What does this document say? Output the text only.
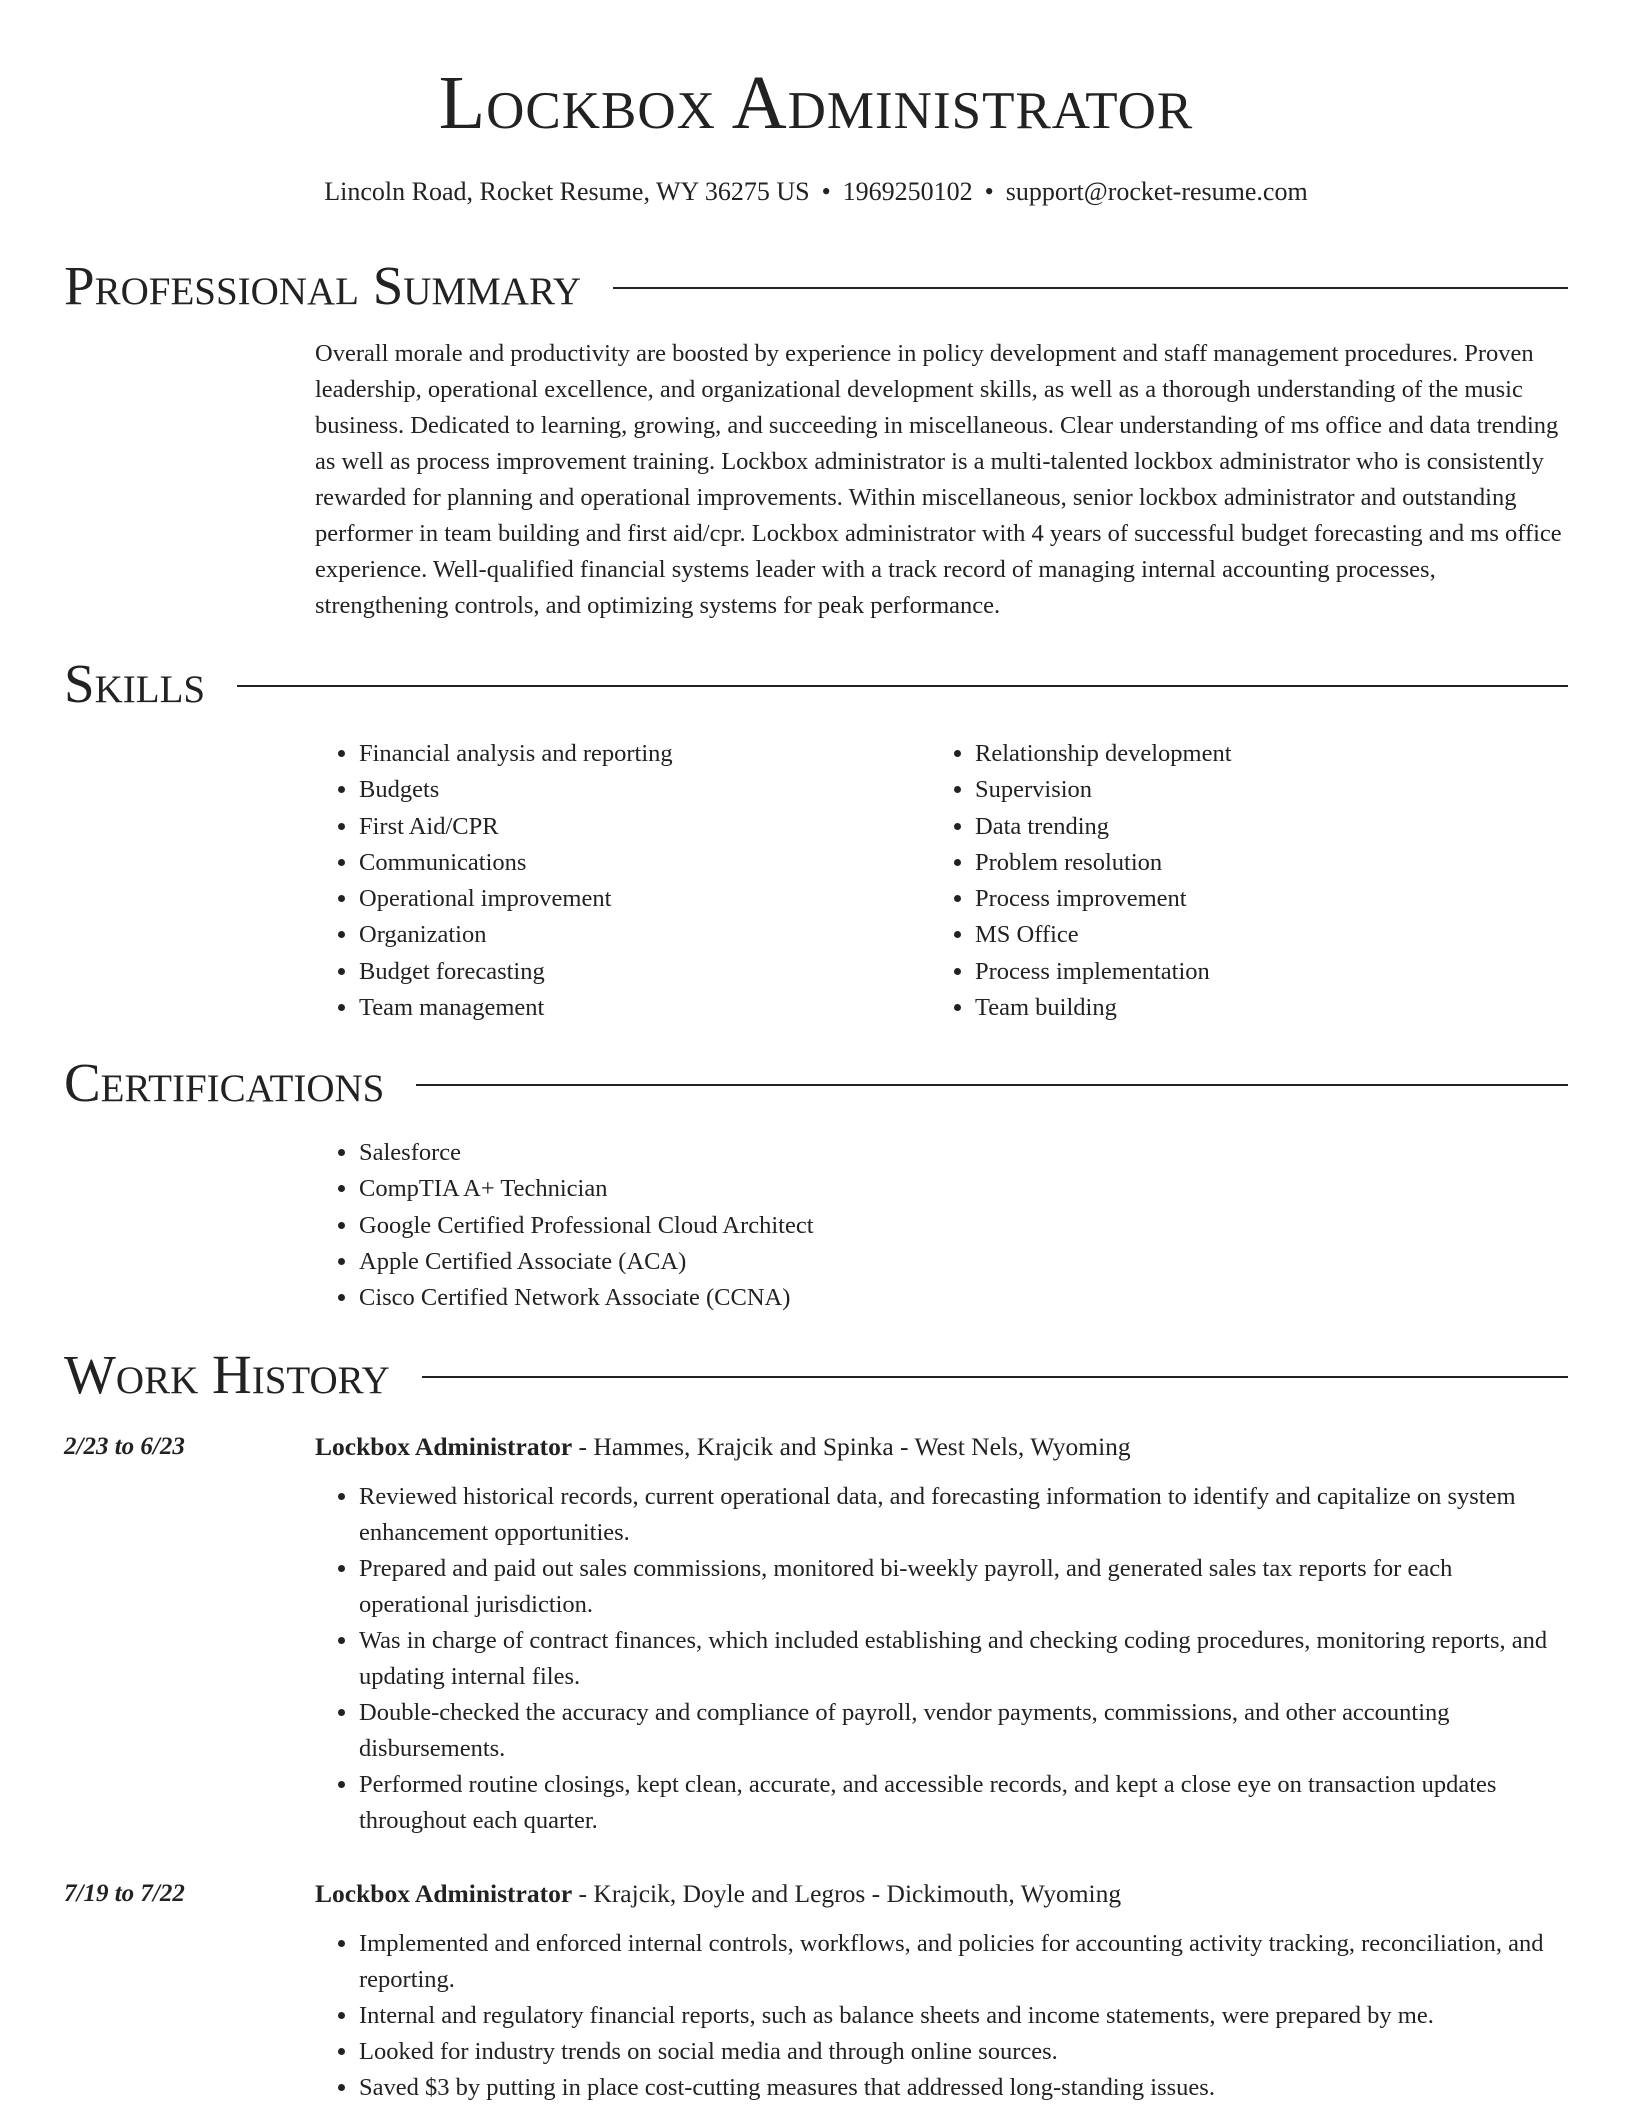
Lockbox Administrator
Lincoln Road, Rocket Resume, WY 36275 US • 1969250102 • support@rocket-resume.com
Professional Summary

Overall morale and productivity are boosted by experience in policy development and staff management procedures. Proven leadership, operational excellence, and organizational development skills, as well as a thorough understanding of the music business. Dedicated to learning, growing, and succeeding in miscellaneous. Clear understanding of ms office and data trending as well as process improvement training. Lockbox administrator is a multi-talented lockbox administrator who is consistently rewarded for planning and operational improvements. Within miscellaneous, senior lockbox administrator and outstanding performer in team building and first aid/cpr. Lockbox administrator with 4 years of successful budget forecasting and ms office experience. Well-qualified financial systems leader with a track record of managing internal accounting processes, strengthening controls, and optimizing systems for peak performance.

Skills
• Financial analysis and reporting
• Budgets
• First Aid/CPR
• Communications
• Operational improvement
• Organization
• Budget forecasting
• Team management
• Relationship development
• Supervision
• Data trending
• Problem resolution
• Process improvement
• MS Office
• Process implementation
• Team building
Certifications
• Salesforce
• CompTIA A+ Technician
• Google Certified Professional Cloud Architect
• Apple Certified Associate (ACA)
• Cisco Certified Network Associate (CCNA)
Work History
2/23 to 6/23	Lockbox Administrator - Hammes, Krajcik and Spinka - West Nels, Wyoming
• Reviewed historical records, current operational data, and forecasting information to identify and capitalize on system enhancement opportunities.
• Prepared and paid out sales commissions, monitored bi-weekly payroll, and generated sales tax reports for each operational jurisdiction.
• Was in charge of contract finances, which included establishing and checking coding procedures, monitoring reports, and updating internal files.
• Double-checked the accuracy and compliance of payroll, vendor payments, commissions, and other accounting disbursements.
• Performed routine closings, kept clean, accurate, and accessible records, and kept a close eye on transaction updates throughout each quarter.
7/19 to 7/22	Lockbox Administrator - Krajcik, Doyle and Legros - Dickimouth, Wyoming
• Implemented and enforced internal controls, workflows, and policies for accounting activity tracking, reconciliation, and reporting.
• Internal and regulatory financial reports, such as balance sheets and income statements, were prepared by me.
• Looked for industry trends on social media and through online sources.
• Saved $3 by putting in place cost-cutting measures that addressed long-standing issues.
